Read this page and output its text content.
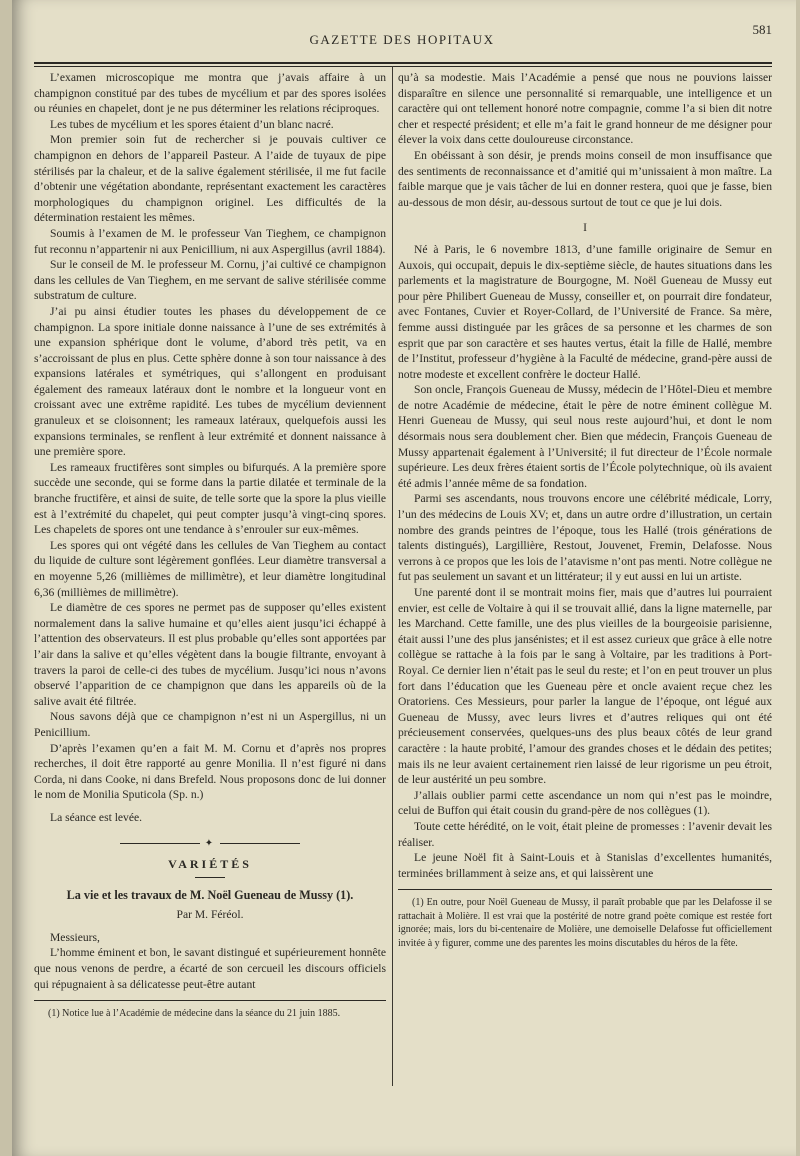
GAZETTE DES HOPITAUX
581

L’examen microscopique me montra que j’avais affaire à un champignon constitué par des tubes de mycélium et par des spores isolées ou réunies en chapelet, dont je ne pus déterminer les relations réciproques.

Les tubes de mycélium et les spores étaient d’un blanc nacré.

Mon premier soin fut de rechercher si je pouvais cultiver ce champignon en dehors de l’appareil Pasteur. A l’aide de tuyaux de pipe stérilisés par la chaleur, et de la salive également stérilisée, il me fut facile d’obtenir une végétation abondante, représentant exactement les caractères morphologiques du champignon originel. Les difficultés de la détermination restaient les mêmes.

Soumis à l’examen de M. le professeur Van Tieghem, ce champignon fut reconnu n’appartenir ni aux Penicillium, ni aux Aspergillus (avril 1884).

Sur le conseil de M. le professeur M. Cornu, j’ai cultivé ce champignon dans les cellules de Van Tieghem, en me servant de salive stérilisée comme substratum de culture.

J’ai pu ainsi étudier toutes les phases du développement de ce champignon. La spore initiale donne naissance à l’une de ses extrémités à une expansion sphérique dont le volume, d’abord très petit, va en s’accroissant de plus en plus. Cette sphère donne à son tour naissance à des expansions latérales et symétriques, qui s’allongent en produisant également des rameaux latéraux dont le nombre et la longueur vont en croissant avec une extrême rapidité. Les tubes de mycélium deviennent granuleux et se cloisonnent; les rameaux latéraux, quelquefois aussi les expansions terminales, se renflent à leur extrémité et donnent naissance à une première spore.

Les rameaux fructifères sont simples ou bifurqués. A la première spore succède une seconde, qui se forme dans la partie dilatée et terminale de la branche fructifère, et ainsi de suite, de telle sorte que la spore la plus vieille est à l’extrémité du chapelet, qui peut compter jusqu’à vingt-cinq spores. Les chapelets de spores ont une tendance à s’enrouler sur eux-mêmes.

Les spores qui ont végété dans les cellules de Van Tieghem au contact du liquide de culture sont légèrement gonflées. Leur diamètre transversal a en moyenne 5,26 (millièmes de millimètre), et leur diamètre longitudinal 6,36 (millièmes de millimètre).

Le diamètre de ces spores ne permet pas de supposer qu’elles existent normalement dans la salive humaine et qu’elles aient jusqu’ici échappé à l’attention des observateurs. Il est plus probable qu’elles sont apportées par l’air dans la salive et qu’elles végètent dans la bougie filtrante, envoyant à travers la paroi de celle-ci des tubes de mycélium. Jusqu’ici nous n’avons observé l’apparition de ce champignon que dans les appareils où de la salive avait été filtrée.

Nous savons déjà que ce champignon n’est ni un Aspergillus, ni un Penicillium.

D’après l’examen qu’en a fait M. M. Cornu et d’après nos propres recherches, il doit être rapporté au genre Monilia. Il n’est figuré ni dans Corda, ni dans Cooke, ni dans Brefeld. Nous proposons donc de lui donner le nom de Monilia Sputicola (Sp. n.)

La séance est levée.

✦
VARIÉTÉS

La vie et les travaux de M. Noël Gueneau de Mussy (1).

Par M. Féréol.

Messieurs,

L’homme éminent et bon, le savant distingué et supérieurement honnête que nous venons de perdre, a écarté de son cercueil les discours officiels qui répugnaient à sa délicatesse peut-être autant

(1) Notice lue à l’Académie de médecine dans la séance du 21 juin 1885.

qu’à sa modestie. Mais l’Académie a pensé que nous ne pouvions laisser disparaître en silence une personnalité si remarquable, une intelligence et un caractère qui ont tellement honoré notre compagnie, comme l’a si bien dit notre cher et respecté président; et elle m’a fait le grand honneur de me désigner pour élever la voix dans cette douloureuse circonstance.

En obéissant à son désir, je prends moins conseil de mon insuffisance que des sentiments de reconnaissance et d’amitié qui m’unissaient à mon maître. La faible marque que je vais tâcher de lui en donner restera, quoi que je fasse, bien au-dessous de mon désir, au-dessous surtout de tout ce que je lui dois.

I

Né à Paris, le 6 novembre 1813, d’une famille originaire de Semur en Auxois, qui occupait, depuis le dix-septième siècle, de hautes situations dans les parlements et la magistrature de Bourgogne, M. Noël Gueneau de Mussy eut pour père Philibert Gueneau de Mussy, conseiller et, on pourrait dire fondateur, avec Fontanes, Cuvier et Royer-Collard, de l’Université de France. Sa mère, femme aussi distinguée par les grâces de sa personne et les charmes de son esprit que par son caractère et ses hautes vertus, était la fille de Hallé, membre de l’Institut, professeur d’hygiène à la Faculté de médecine, grand-père aussi de notre modeste et excellent confrère le docteur Hallé.

Son oncle, François Gueneau de Mussy, médecin de l’Hôtel-Dieu et membre de notre Académie de médecine, était le père de notre éminent collègue M. Henri Gueneau de Mussy, qui seul nous reste aujourd’hui, et dont le nom désormais nous sera doublement cher. Bien que médecin, François Gueneau de Mussy appartenait également à l’Université; il fut directeur de l’École normale supérieure. Les deux frères étaient sortis de l’École polytechnique, où ils avaient été admis l’année même de sa fondation.

Parmi ses ascendants, nous trouvons encore une célébrité médicale, Lorry, l’un des médecins de Louis XV; et, dans un autre ordre d’illustration, un certain nombre des grands peintres de l’époque, tous les Hallé (trois générations de talents distingués), Largillière, Restout, Jouvenet, Fremin, Delafosse. Nous verrons à ce propos que les lois de l’atavisme n’ont pas menti. Notre collègue ne fut pas seulement un savant et un littérateur; il y eut aussi en lui un artiste.

Une parenté dont il se montrait moins fier, mais que d’autres lui pourraient envier, est celle de Voltaire à qui il se trouvait allié, dans la ligne maternelle, par les Marchand. Cette famille, une des plus vieilles de la bourgeoisie parisienne, était aussi l’une des plus jansénistes; et il est assez curieux que grâce à elle notre collègue se rattache à la fois par le sang à Voltaire, par les traditions à Port-Royal. Ce dernier lien n’était pas le seul du reste; et l’on en peut trouver un plus fort dans l’éducation que les Gueneau père et oncle avaient reçue chez les Oratoriens. Ces Messieurs, pour parler la langue de l’époque, ont légué aux Gueneau de Mussy, avec leurs livres et d’autres reliques qui ont été précieusement conservées, quelques-uns des plus beaux côtés de leur grand caractère : la haute probité, l’amour des grandes choses et le dédain des petites; mais ils ne leur avaient certainement rien laissé de leur rigorisme un peu étroit, de leur austérité un peu sombre.

J’allais oublier parmi cette ascendance un nom qui n’est pas le moindre, celui de Buffon qui était cousin du grand-père de nos collègues (1).

Toute cette hérédité, on le voit, était pleine de promesses : l’avenir devait les réaliser.

Le jeune Noël fit à Saint-Louis et à Stanislas d’excellentes humanités, terminées brillamment à seize ans, et qui laissèrent une

(1) En outre, pour Noël Gueneau de Mussy, il paraît probable que par les Delafosse il se rattachait à Molière. Il est vrai que la postérité de notre grand poète comique est restée fort ignorée; mais, lors du bi-centenaire de Molière, une demoiselle Delafosse fut officiellement invitée à y figurer, comme une des parentes les moins discutables du héros de la fête.
